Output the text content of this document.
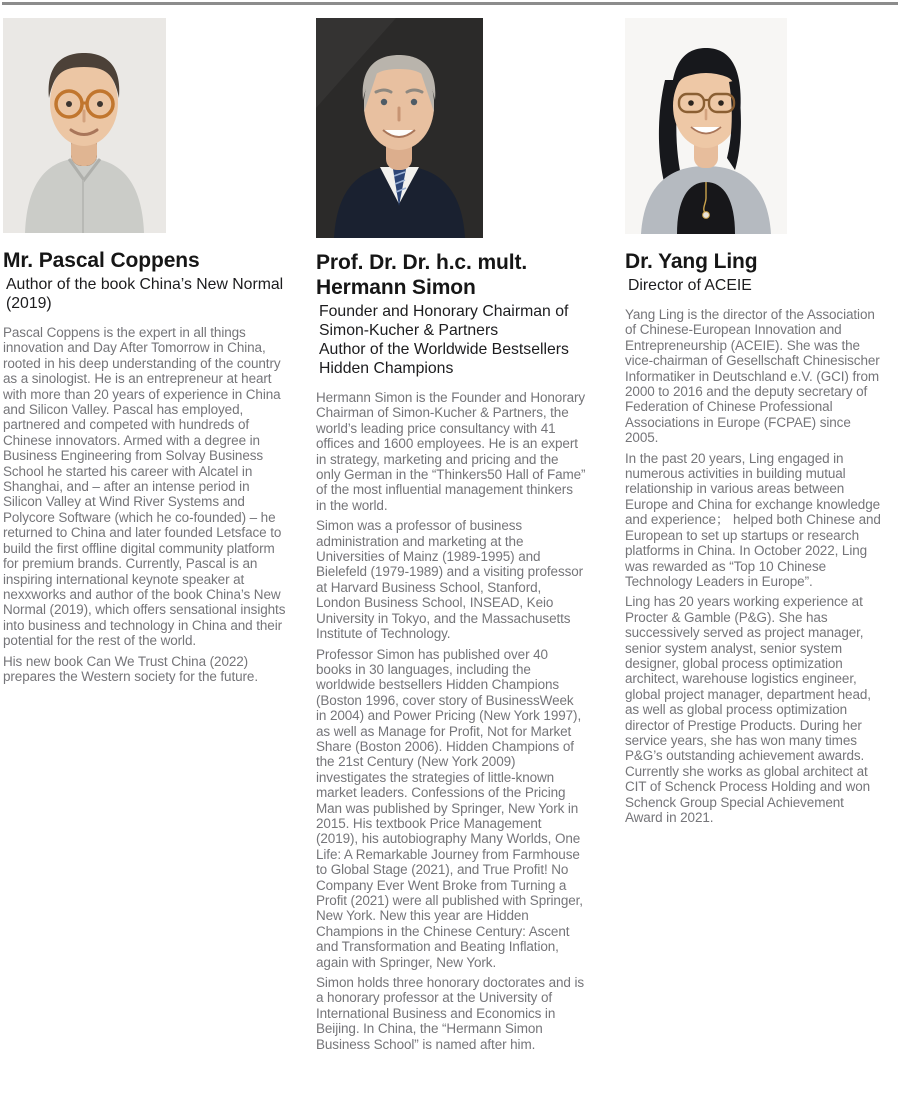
Mr. Pascal Coppens
Author of the book China’s New Normal (2019)

Pascal Coppens is the expert in all things innovation and Day After Tomorrow in China, rooted in his deep understanding of the country as a sinologist. He is an entrepreneur at heart with more than 20 years of experience in China and Silicon Valley. Pascal has employed, partnered and competed with hundreds of Chinese innovators. Armed with a degree in Business Engineering from Solvay Business School he started his career with Alcatel in Shanghai, and – after an intense period in Silicon Valley at Wind River Systems and Polycore Software (which he co-founded) – he returned to China and later founded Letsface to build the first offline digital community platform for premium brands. Currently, Pascal is an inspiring international keynote speaker at nexxworks and author of the book China’s New Normal (2019), which offers sensational insights into business and technology in China and their potential for the rest of the world.

His new book Can We Trust China (2022) prepares the Western society for the future.

Prof. Dr. Dr. h.c. mult.
Hermann Simon
Founder and Honorary Chairman of Simon-Kucher & Partners
Author of the Worldwide Bestsellers Hidden Champions

Hermann Simon is the Founder and Honorary Chairman of Simon-Kucher & Partners, the world’s leading price consultancy with 41 offices and 1600 employees. He is an expert in strategy, marketing and pricing and the only German in the “Thinkers50 Hall of Fame” of the most influential management thinkers in the world.

Simon was a professor of business administration and marketing at the Universities of Mainz (1989-1995) and Bielefeld (1979-1989) and a visiting professor at Harvard Business School, Stanford, London Business School, INSEAD, Keio University in Tokyo, and the Massachusetts Institute of Technology.

Professor Simon has published over 40 books in 30 languages, including the worldwide bestsellers Hidden Champions (Boston 1996, cover story of BusinessWeek in 2004) and Power Pricing (New York 1997), as well as Manage for Profit, Not for Market Share (Boston 2006). Hidden Champions of the 21st Century (New York 2009) investigates the strategies of little-known market leaders. Confessions of the Pricing Man was published by Springer, New York in 2015. His textbook Price Management (2019), his autobiography Many Worlds, One Life: A Remarkable Journey from Farmhouse to Global Stage (2021), and True Profit! No Company Ever Went Broke from Turning a Profit (2021) were all published with Springer, New York. New this year are Hidden Champions in the Chinese Century: Ascent and Transformation and Beating Inflation, again with Springer, New York.

Simon holds three honorary doctorates and is a honorary professor at the University of International Business and Economics in Beijing. In China, the “Hermann Simon Business School” is named after him.

Dr. Yang Ling
Director of ACEIE

Yang Ling is the director of the Association of Chinese-European Innovation and Entrepreneurship (ACEIE). She was the vice-chairman of Gesellschaft Chinesischer Informatiker in Deutschland e.V. (GCI) from 2000 to 2016 and the deputy secretary of Federation of Chinese Professional Associations in Europe (FCPAE) since 2005.

In the past 20 years, Ling engaged in numerous activities in building mutual relationship in various areas between Europe and China for exchange knowledge and experience； helped both Chinese and European to set up startups or research platforms in China. In October 2022, Ling was rewarded as “Top 10 Chinese Technology Leaders in Europe”.

Ling has 20 years working experience at Procter & Gamble (P&G). She has successively served as project manager, senior system analyst, senior system designer, global process optimization architect, warehouse logistics engineer, global project manager, department head, as well as global process optimization director of Prestige Products. During her service years, she has won many times P&G’s outstanding achievement awards. Currently she works as global architect at CIT of Schenck Process Holding and won Schenck Group Special Achievement Award in 2021.
